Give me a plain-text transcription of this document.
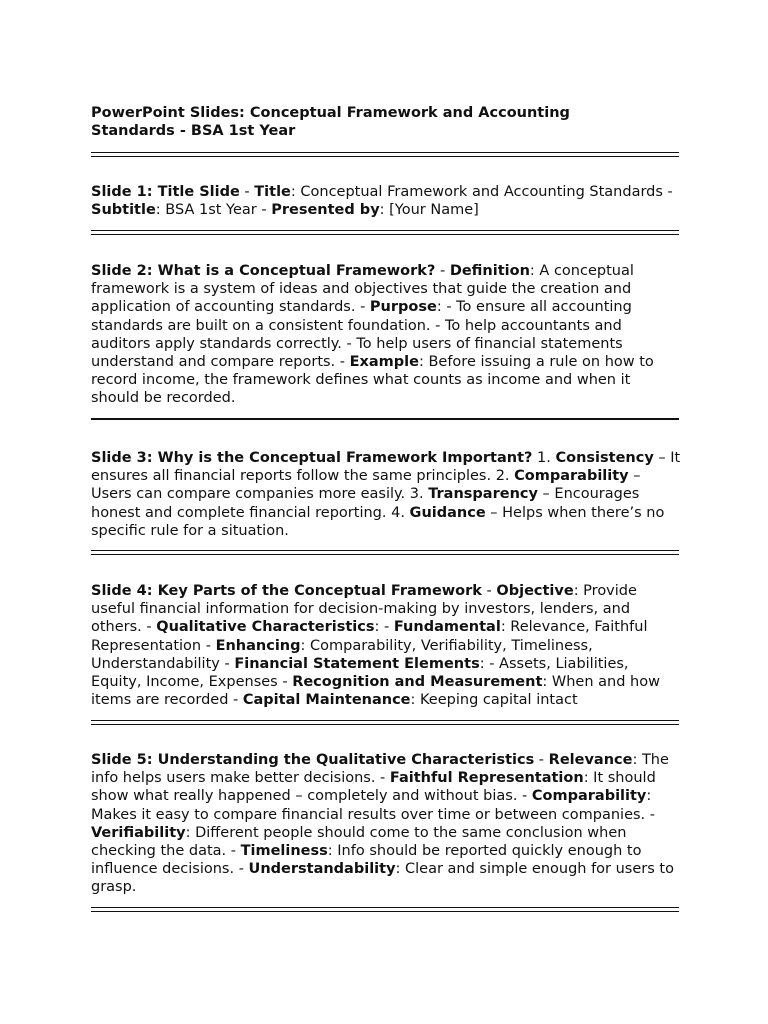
PowerPoint Slides: Conceptual Framework and Accounting Standards - BSA 1st Year
Slide 1: Title Slide - Title: Conceptual Framework and Accounting Standards - Subtitle: BSA 1st Year - Presented by: [Your Name]
Slide 2: What is a Conceptual Framework? - Definition: A conceptual framework is a system of ideas and objectives that guide the creation and application of accounting standards. - Purpose: - To ensure all accounting standards are built on a consistent foundation. - To help accountants and auditors apply standards correctly. - To help users of financial statements understand and compare reports. - Example: Before issuing a rule on how to record income, the framework defines what counts as income and when it should be recorded.
Slide 3: Why is the Conceptual Framework Important? 1. Consistency – It ensures all financial reports follow the same principles. 2. Comparability – Users can compare companies more easily. 3. Transparency – Encourages honest and complete financial reporting. 4. Guidance – Helps when there’s no specific rule for a situation.
Slide 4: Key Parts of the Conceptual Framework - Objective: Provide useful financial information for decision-making by investors, lenders, and others. - Qualitative Characteristics: - Fundamental: Relevance, Faithful Representation - Enhancing: Comparability, Verifiability, Timeliness, Understandability - Financial Statement Elements: - Assets, Liabilities, Equity, Income, Expenses - Recognition and Measurement: When and how items are recorded - Capital Maintenance: Keeping capital intact
Slide 5: Understanding the Qualitative Characteristics - Relevance: The info helps users make better decisions. - Faithful Representation: It should show what really happened – completely and without bias. - Comparability: Makes it easy to compare financial results over time or between companies. - Verifiability: Different people should come to the same conclusion when checking the data. - Timeliness: Info should be reported quickly enough to influence decisions. - Understandability: Clear and simple enough for users to grasp.
